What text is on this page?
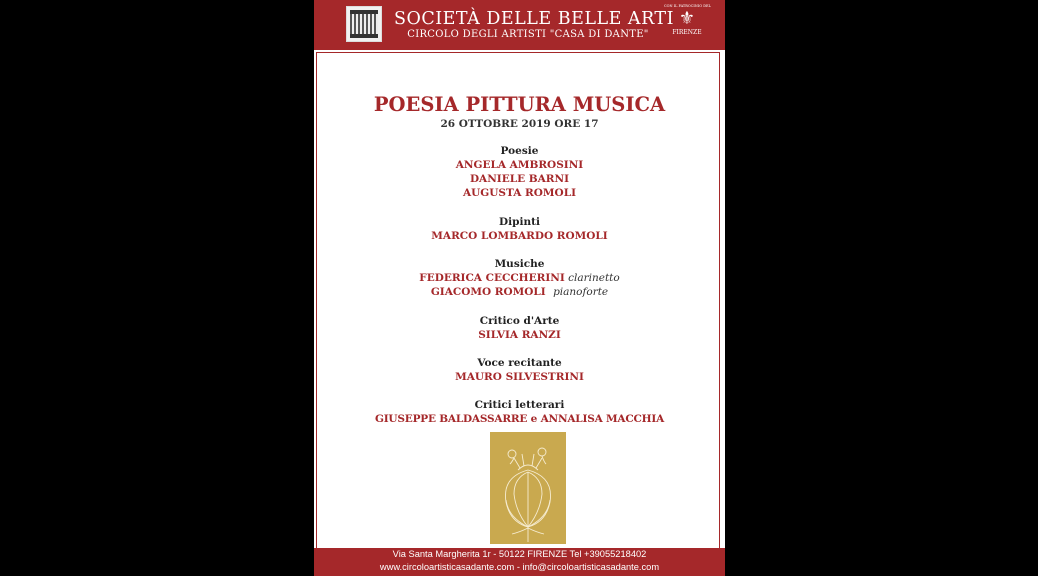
SOCIETÀ DELLE BELLE ARTI
CIRCOLO DEGLI ARTISTI "CASA DI DANTE"
CON IL PATROCINIO DEL
⚜
FIRENZE
POESIA PITTURA MUSICA
26 OTTOBRE 2019 ORE 17
Poesie
ANGELA AMBROSINI
DANIELE BARNI
AUGUSTA ROMOLI
Dipinti
MARCO LOMBARDO ROMOLI
Musiche
FEDERICA CECCHERINI clarinetto
GIACOMO ROMOLI pianoforte
Critico d'Arte
SILVIA RANZI
Voce recitante
MAURO SILVESTRINI
Critici letterari
GIUSEPPE BALDASSARRE e ANNALISA MACCHIA
Via Santa Margherita 1r - 50122 FIRENZE Tel +39055218402
www.circoloartisticasadante.com - info@circoloartisticasadante.com
